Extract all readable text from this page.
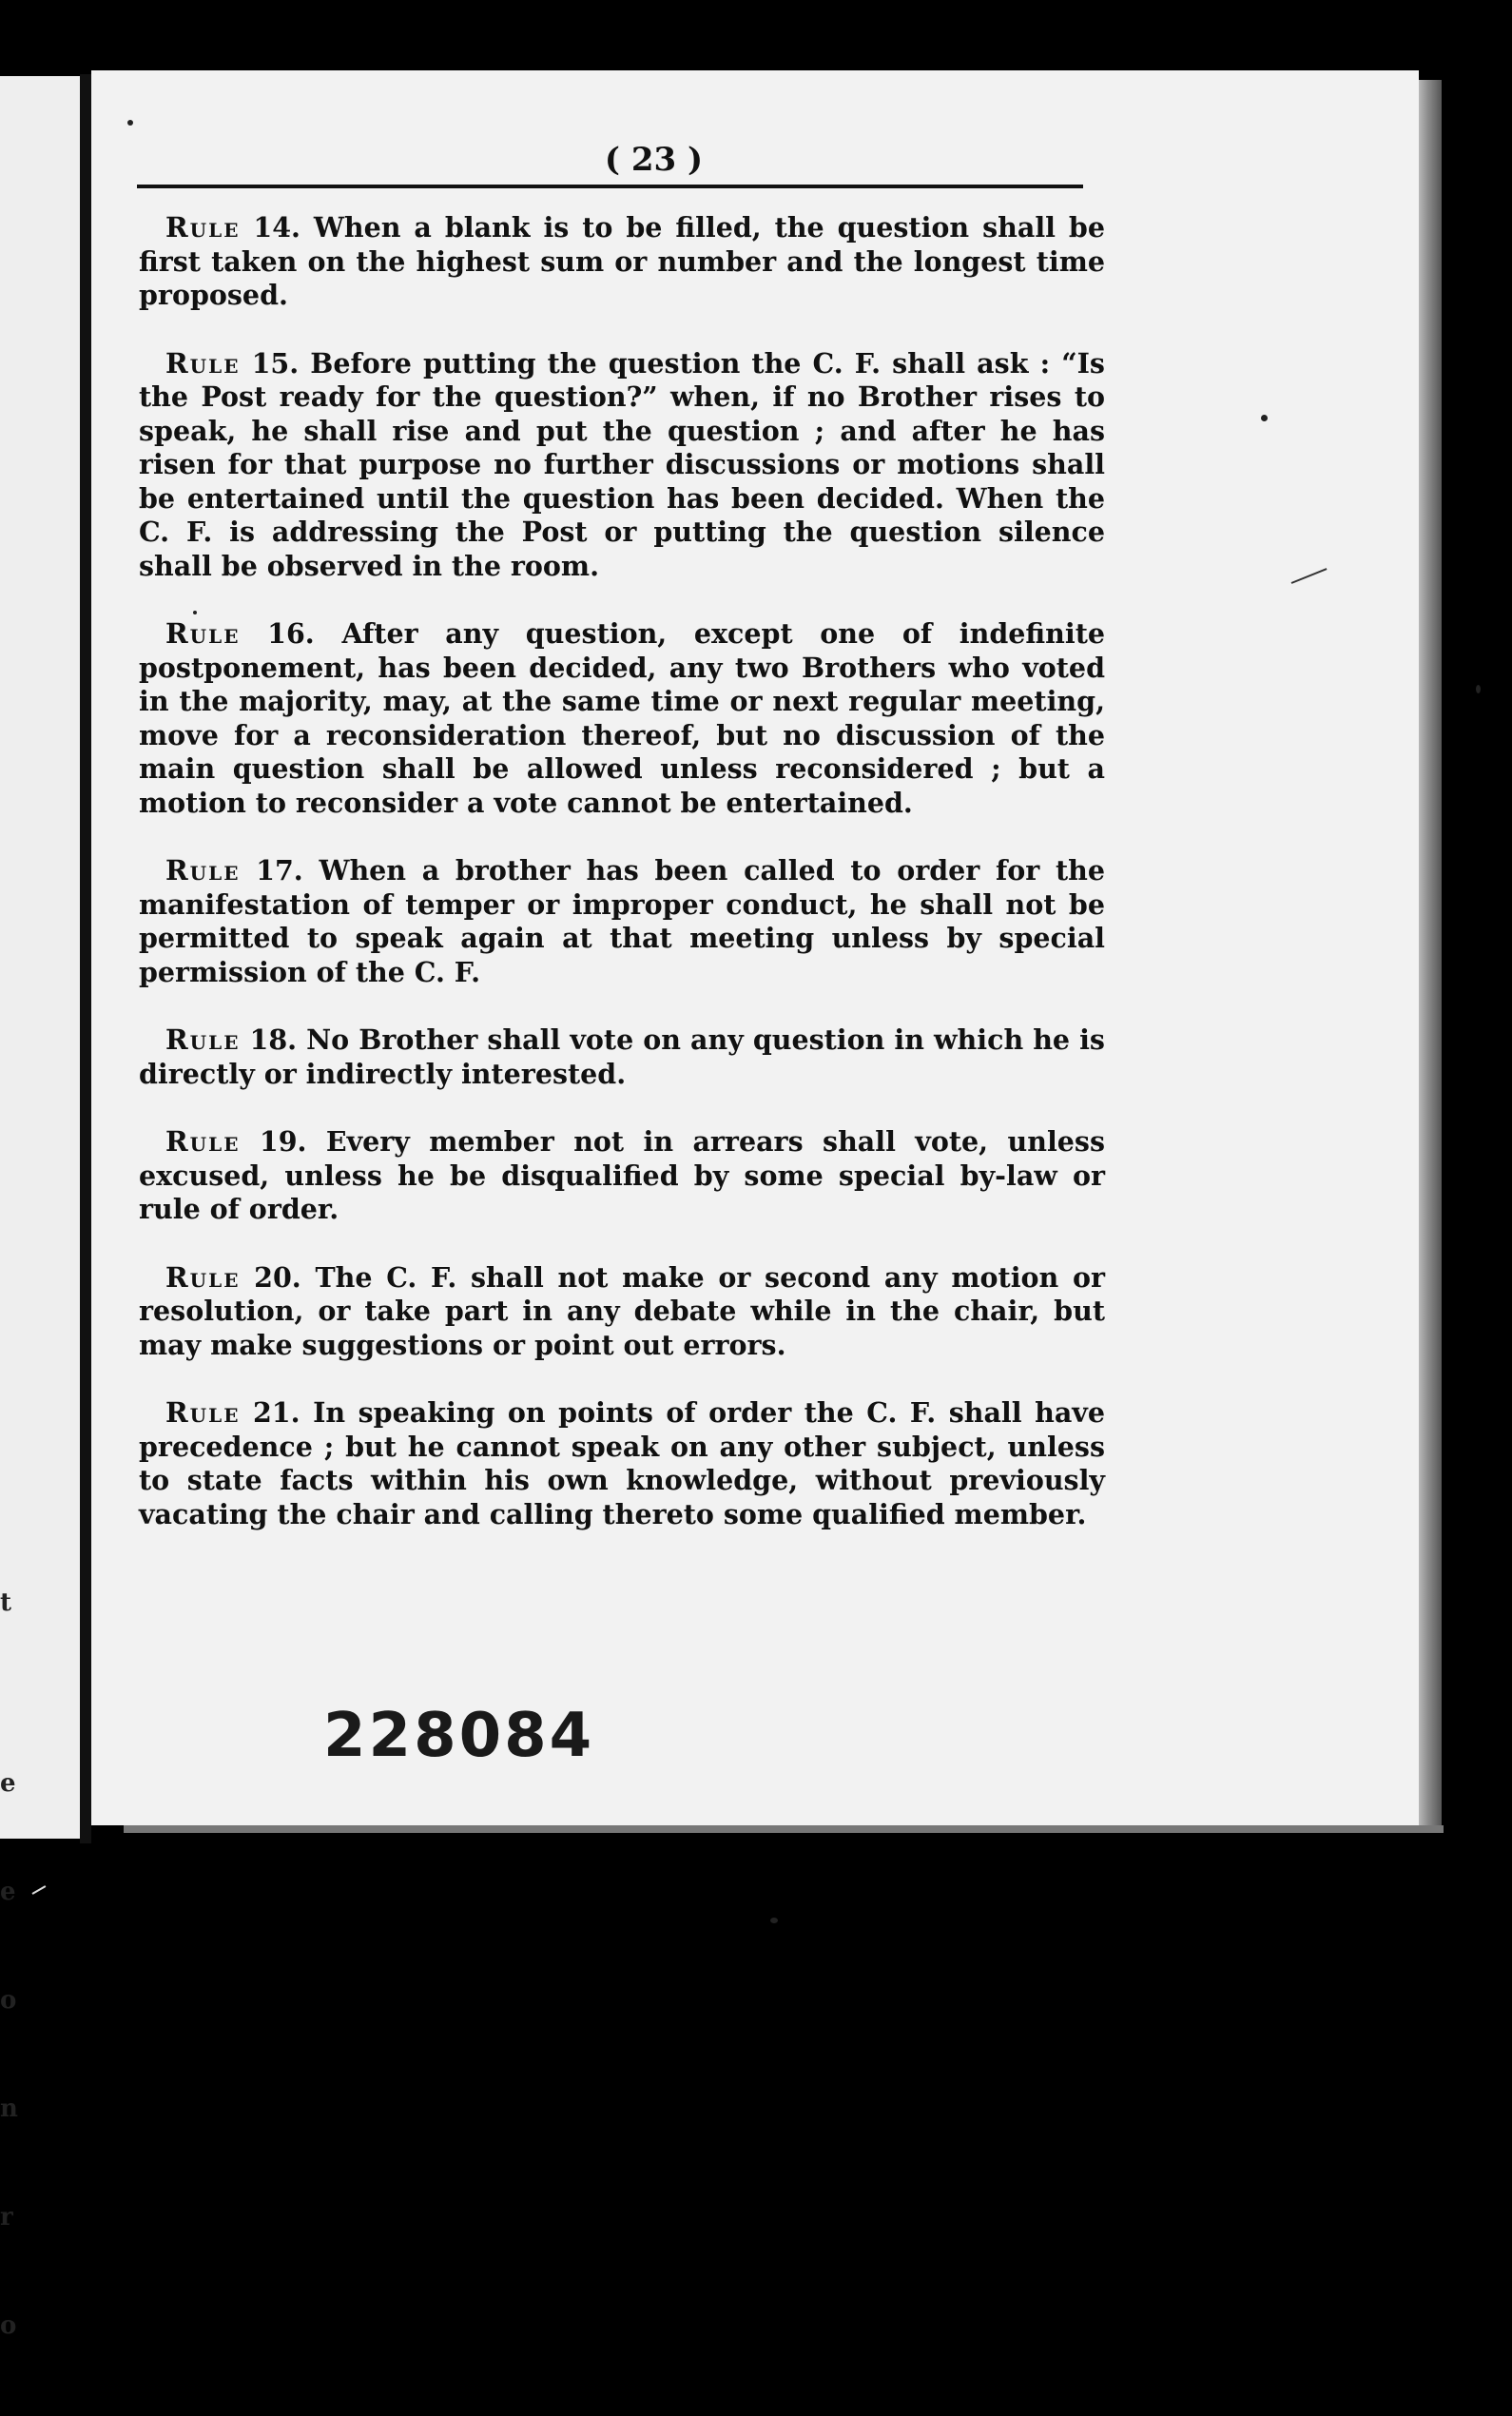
t

e

e

o

n

r

o

( 23 )

Rule 14. When a blank is to be filled, the question shall be first taken on the highest sum or number and the longest time proposed.

Rule 15. Before putting the question the C. F. shall ask : “Is the Post ready for the question?” when, if no Brother rises to speak, he shall rise and put the question ; and after he has risen for that purpose no further discussions or motions shall be entertained until the question has been decided. When the C. F. is addressing the Post or putting the question silence shall be observed in the room.

Rule 16. After any question, except one of indefinite postponement, has been decided, any two Brothers who voted in the majority, may, at the same time or next regular meeting, move for a reconsideration thereof, but no discussion of the main question shall be allowed unless reconsidered ; but a motion to reconsider a vote cannot be entertained.

Rule 17. When a brother has been called to order for the manifestation of temper or improper conduct, he shall not be permitted to speak again at that meeting unless by special permission of the C. F.

Rule 18. No Brother shall vote on any question in which he is directly or indirectly interested.

Rule 19. Every member not in arrears shall vote, unless excused, unless he be disqualified by some special by-law or rule of order.

Rule 20. The C. F. shall not make or second any motion or resolution, or take part in any debate while in the chair, but may make suggestions or point out errors.

Rule 21. In speaking on points of order the C. F. shall have precedence ; but he cannot speak on any other subject, unless to state facts within his own knowledge, without previously vacating the chair and calling thereto some qualified member.

228084
